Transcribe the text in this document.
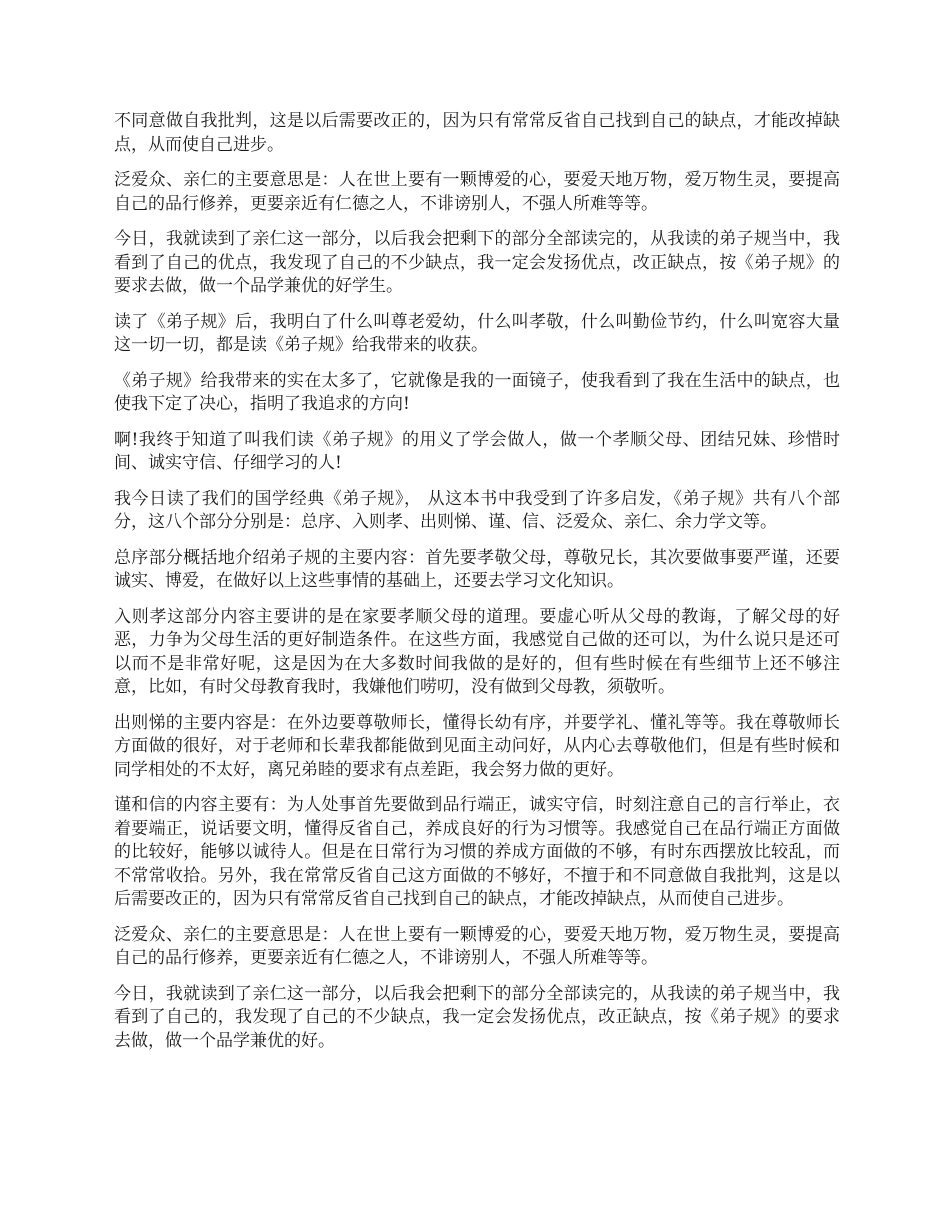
不同意做自我批判，这是以后需要改正的，因为只有常常反省自己找到自己的缺点，才能改掉缺点，从而使自己进步。

泛爱众、亲仁的主要意思是：人在世上要有一颗博爱的心，要爱天地万物，爱万物生灵，要提高自己的品行修养，更要亲近有仁德之人，不诽谤别人，不强人所难等等。

今日，我就读到了亲仁这一部分，以后我会把剩下的部分全部读完的，从我读的弟子规当中，我看到了自己的优点，我发现了自己的不少缺点，我一定会发扬优点，改正缺点，按《弟子规》的要求去做，做一个品学兼优的好学生。

读了《弟子规》后，我明白了什么叫尊老爱幼，什么叫孝敬，什么叫勤俭节约，什么叫宽容大量这一切一切，都是读《弟子规》给我带来的收获。

《弟子规》给我带来的实在太多了，它就像是我的一面镜子，使我看到了我在生活中的缺点，也使我下定了决心，指明了我追求的方向!

啊!我终于知道了叫我们读《弟子规》的用义了学会做人，做一个孝顺父母、团结兄妹、珍惜时间、诚实守信、仔细学习的人!

我今日读了我们的国学经典《弟子规》， 从这本书中我受到了许多启发，《弟子规》共有八个部分，这八个部分分别是：总序、入则孝、出则悌、谨、信、泛爱众、亲仁、余力学文等。

总序部分概括地介绍弟子规的主要内容：首先要孝敬父母，尊敬兄长，其次要做事要严谨，还要诚实、博爱，在做好以上这些事情的基础上，还要去学习文化知识。

入则孝这部分内容主要讲的是在家要孝顺父母的道理。要虚心听从父母的教诲，了解父母的好恶，力争为父母生活的更好制造条件。在这些方面，我感觉自己做的还可以，为什么说只是还可以而不是非常好呢，这是因为在大多数时间我做的是好的，但有些时候在有些细节上还不够注意，比如，有时父母教育我时，我嫌他们唠叨，没有做到父母教，须敬听。

出则悌的主要内容是：在外边要尊敬师长，懂得长幼有序，并要学礼、懂礼等等。我在尊敬师长方面做的很好，对于老师和长辈我都能做到见面主动问好，从内心去尊敬他们，但是有些时候和同学相处的不太好，离兄弟睦的要求有点差距，我会努力做的更好。

谨和信的内容主要有：为人处事首先要做到品行端正，诚实守信，时刻注意自己的言行举止，衣着要端正，说话要文明，懂得反省自己，养成良好的行为习惯等。我感觉自己在品行端正方面做的比较好，能够以诚待人。但是在日常行为习惯的养成方面做的不够，有时东西摆放比较乱，而不常常收拾。另外，我在常常反省自己这方面做的不够好，不擅于和不同意做自我批判，这是以后需要改正的，因为只有常常反省自己找到自己的缺点，才能改掉缺点，从而使自己进步。

泛爱众、亲仁的主要意思是：人在世上要有一颗博爱的心，要爱天地万物，爱万物生灵，要提高自己的品行修养，更要亲近有仁德之人，不诽谤别人，不强人所难等等。

今日，我就读到了亲仁这一部分，以后我会把剩下的部分全部读完的，从我读的弟子规当中，我看到了自己的，我发现了自己的不少缺点，我一定会发扬优点，改正缺点，按《弟子规》的要求去做，做一个品学兼优的好。
